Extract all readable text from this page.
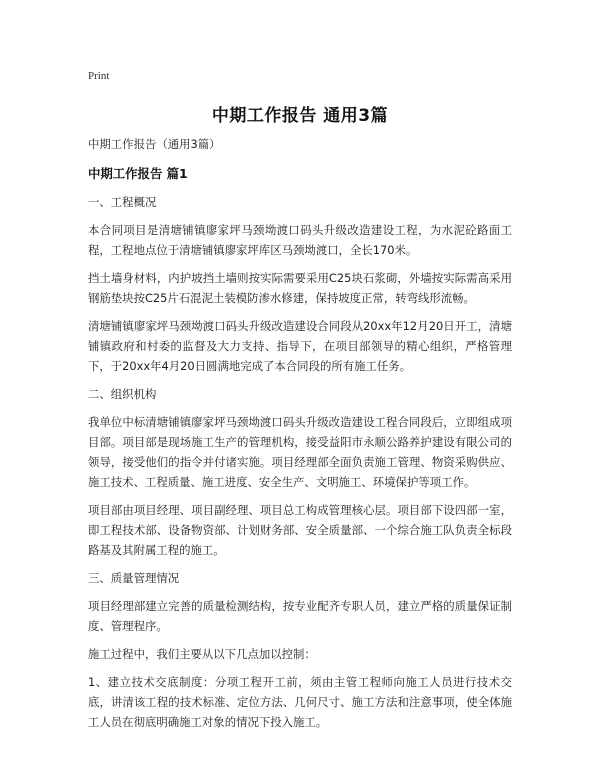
Print
中期工作报告 通用3篇
中期工作报告（通用3篇）
中期工作报告 篇1
一、工程概况
本合同项目是清塘铺镇廖家坪马颈坳渡口码头升级改造建设工程，为水泥砼路面工程，工程地点位于清塘铺镇廖家坪库区马颈坳渡口，全长170米。
挡土墙身材料，内护坡挡土墙则按实际需要采用C25块石浆砌，外墙按实际需高采用钢筋垫块按C25片石混泥土装模防渗水修建，保持坡度正常，转弯线形流畅。
清塘铺镇廖家坪马颈坳渡口码头升级改造建设合同段从20xx年12月20日开工，清塘铺镇政府和村委的监督及大力支持、指导下，在项目部领导的精心组织，严格管理下，于20xx年4月20日圆满地完成了本合同段的所有施工任务。
二、组织机构
我单位中标清塘铺镇廖家坪马颈坳渡口码头升级改造建设工程合同段后，立即组成项目部。项目部是现场施工生产的管理机构，接受益阳市永顺公路养护建设有限公司的领导，接受他们的指令并付诸实施。项目经理部全面负责施工管理、物资采购供应、施工技术、工程质量、施工进度、安全生产、文明施工、环境保护等项工作。
项目部由项目经理、项目副经理、项目总工构成管理核心层。项目部下设四部一室，即工程技术部、设备物资部、计划财务部、安全质量部、一个综合施工队负责全标段路基及其附属工程的施工。
三、质量管理情况
项目经理部建立完善的质量检测结构，按专业配齐专职人员，建立严格的质量保证制度、管理程序。
施工过程中，我们主要从以下几点加以控制：
1、建立技术交底制度：分项工程开工前，须由主管工程师向施工人员进行技术交底，讲清该工程的技术标准、定位方法、几何尺寸、施工方法和注意事项，使全体施工人员在彻底明确施工对象的情况下投入施工。
